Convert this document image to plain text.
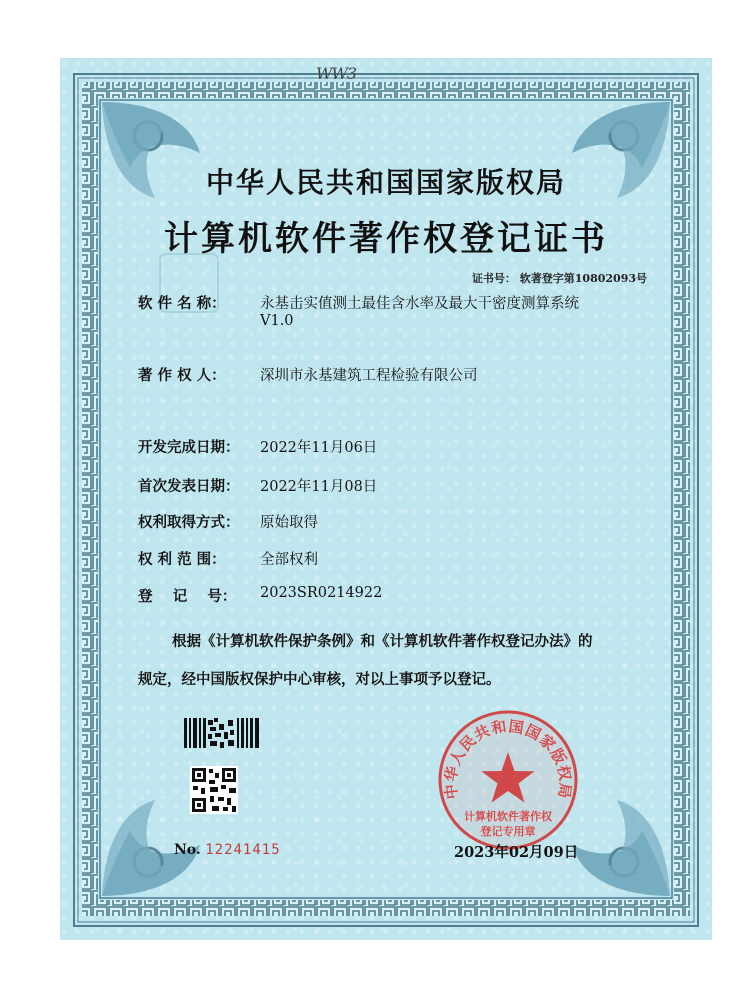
中华人民共和国国家版权局
计算机软件著作权
登记专用章
WW3
中华人民共和国国家版权局
计算机软件著作权登记证书
证书号： 软著登字第10802093号
软 件 名 称： 永基击实值测土最佳含水率及最大干密度测算系统
V1.0
著 作 权 人： 深圳市永基建筑工程检验有限公司
开发完成日期： 2022年11月06日
首次发表日期： 2022年11月08日
权利取得方式： 原始取得
权 利 范 围： 全部权利
登    记    号： 2023SR0214922
根据《计算机软件保护条例》和《计算机软件著作权登记办法》的
规定，经中国版权保护中心审核，对以上事项予以登记。
No. 12241415	2023年02月09日
